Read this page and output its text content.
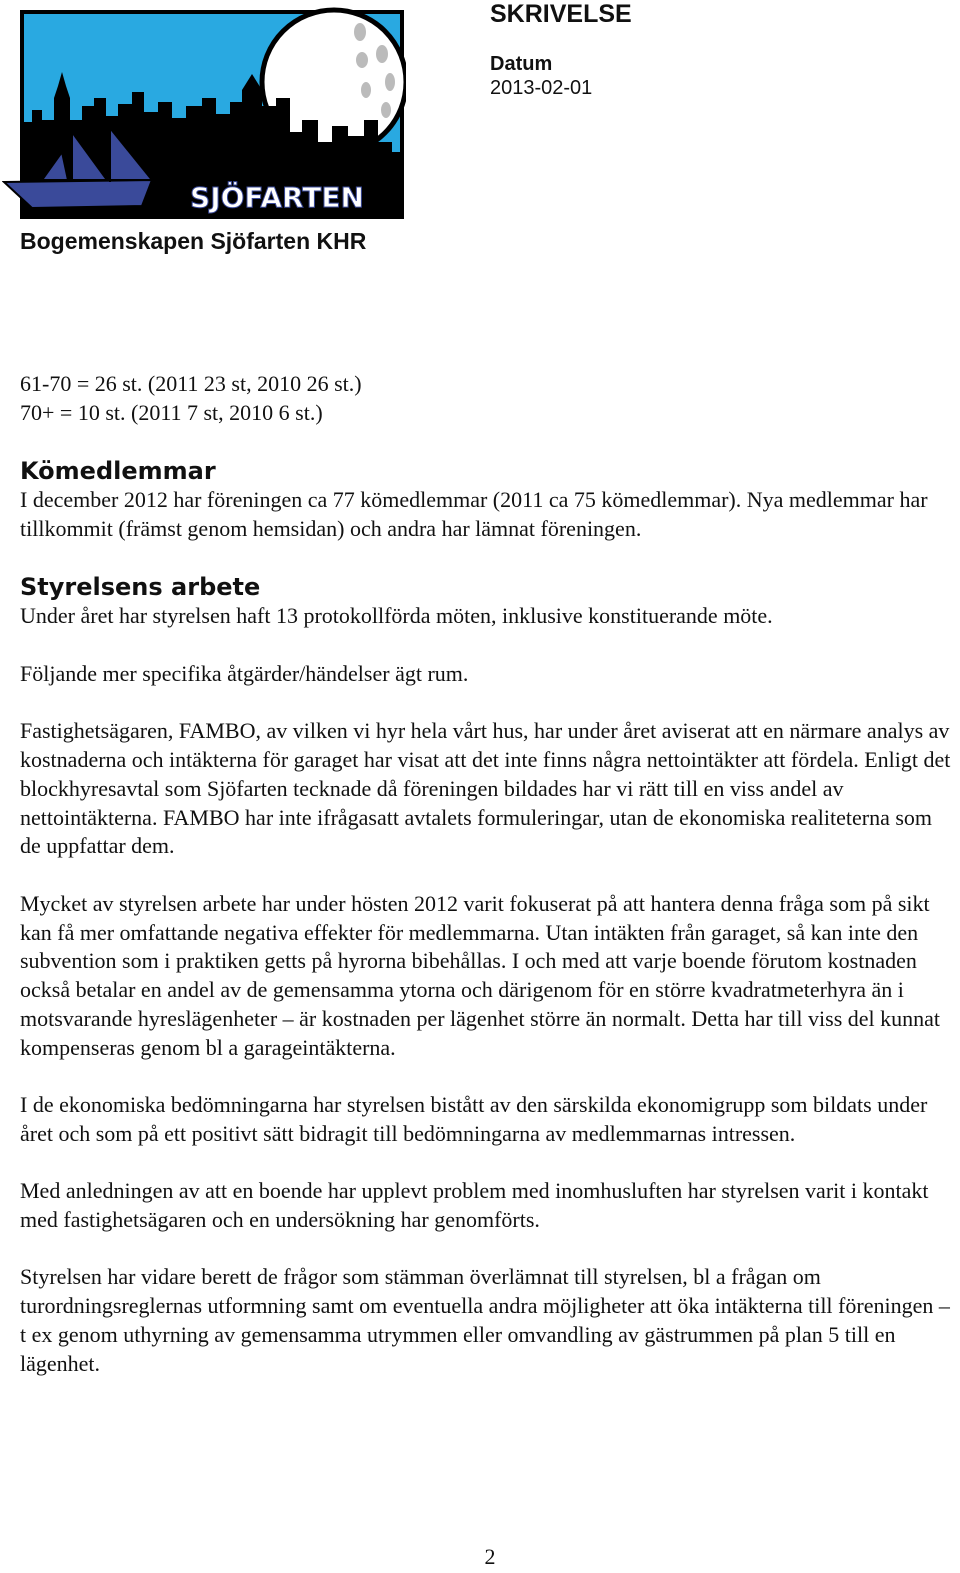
SJÖFARTEN
SKRIVELSE
Datum
2013-02-01
Bogemenskapen Sjöfarten KHR

61-70 = 26 st. (2011 23 st, 2010 26 st.)
70+ = 10 st. (2011 7 st, 2010 6 st.)

Kömedlemmar

I december 2012 har föreningen ca 77 kömedlemmar (2011 ca 75 kömedlemmar). Nya medlemmar har tillkommit (främst genom hemsidan) och andra har lämnat föreningen.

Styrelsens arbete

Under året har styrelsen haft 13 protokollförda möten, inklusive konstituerande möte.

Följande mer specifika åtgärder/händelser ägt rum.

Fastighetsägaren, FAMBO, av vilken vi hyr hela vårt hus, har under året aviserat att en närmare analys av kostnaderna och intäkterna för garaget har visat att det inte finns några nettointäkter att fördela. Enligt det blockhyresavtal som Sjöfarten tecknade då föreningen bildades har vi rätt till en viss andel av nettointäkterna. FAMBO har inte ifrågasatt avtalets formuleringar, utan de ekonomiska realiteterna som de uppfattar dem.

Mycket av styrelsen arbete har under hösten 2012 varit fokuserat på att hantera denna fråga som på sikt kan få mer omfattande negativa effekter för medlemmarna. Utan intäkten från garaget, så kan inte den subvention som i praktiken getts på hyrorna bibehållas. I och med att varje boende förutom kostnaden också betalar en andel av de gemensamma ytorna och därigenom för en större kvadratmeterhyra än i motsvarande hyreslägenheter – är kostnaden per lägenhet större än normalt. Detta har till viss del kunnat kompenseras genom bl a garageintäkterna.

I de ekonomiska bedömningarna har styrelsen bistått av den särskilda ekonomigrupp som bildats under året och som på ett positivt sätt bidragit till bedömningarna av medlemmarnas intressen.

Med anledningen av att en boende har upplevt problem med inomhusluften har styrelsen varit i kontakt med fastighetsägaren och en undersökning har genomförts.

Styrelsen har vidare berett de frågor som stämman överlämnat till styrelsen, bl a frågan om turordningsreglernas utformning samt om eventuella andra möjligheter att öka intäkterna till föreningen – t ex genom uthyrning av gemensamma utrymmen eller omvandling av gästrummen på plan 5 till en lägenhet.

2
